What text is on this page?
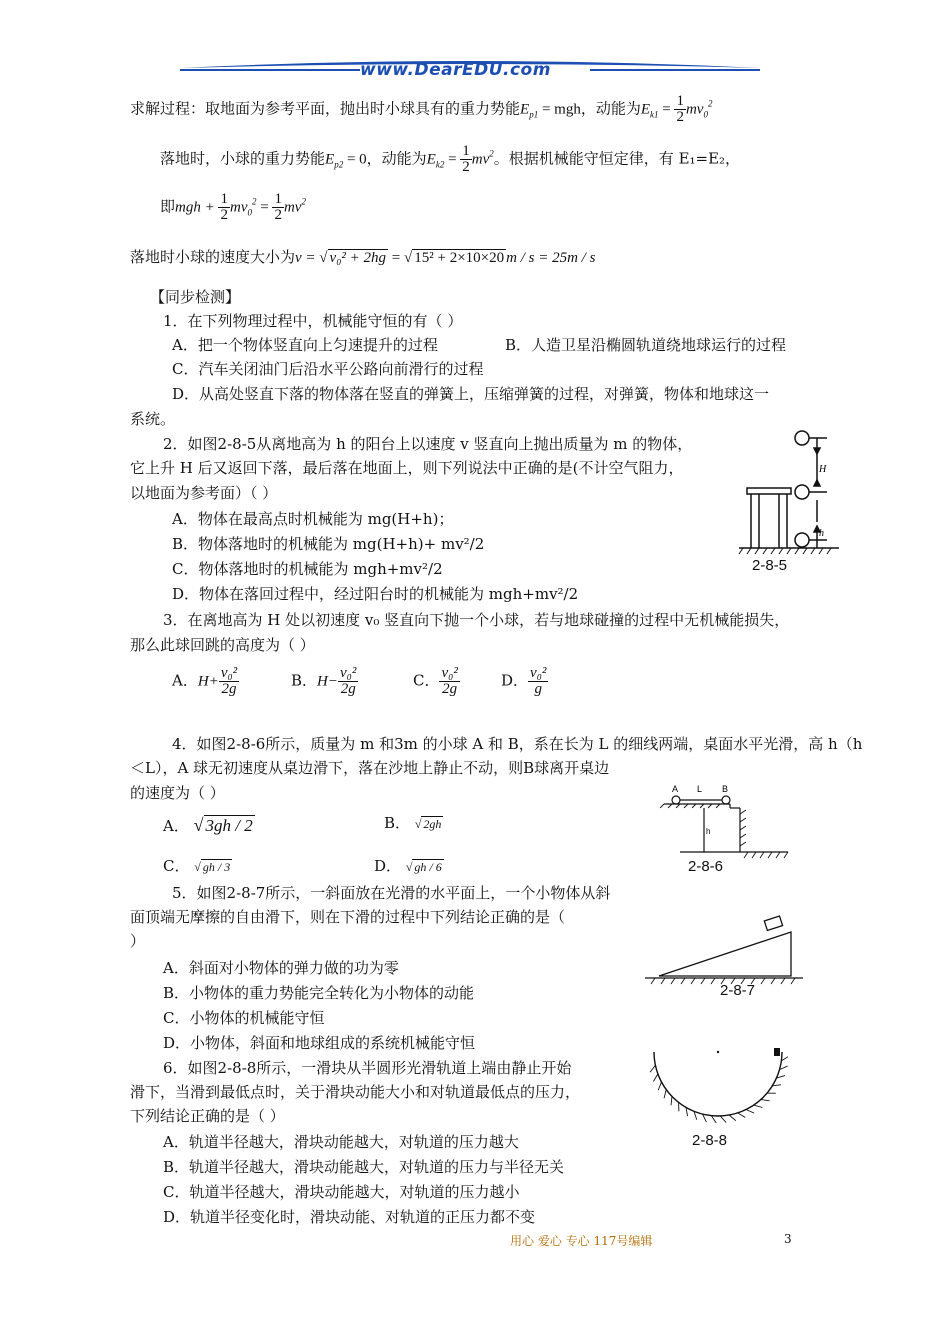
www.DearEDU.com
求解过程：取地面为参考平面，抛出时小球具有的重力势能$E_{p1}$ = mgh，动能为$E_{k1} = \frac{1}{2} mv_0^2$
落地时，小球的重力势能$E_{p2} = 0$，动能为$E_{k2} = \frac{1}{2} mv^2$。根据机械能守恒定律，有 E₁=E₂，
即mgh + $\frac{1}{2} mv_0^2 = \frac{1}{2} mv^2$
落地时小球的速度大小为v = √ v₀² + 2hg = √ 15² + 2×10×20 m / s = 25m / s
【同步检测】
1．在下列物理过程中，机械能守恒的有（ ）
A．把一个物体竖直向上匀速提升的过程	B．人造卫星沿椭圆轨道绕地球运行的过程
C．汽车关闭油门后沿水平公路向前滑行的过程
D．从高处竖直下落的物体落在竖直的弹簧上，压缩弹簧的过程，对弹簧，物体和地球这一
系统。
2．如图2-8-5从离地高为 h 的阳台上以速度 v 竖直向上抛出质量为 m 的物体，
它上升 H 后又返回下落，最后落在地面上，则下列说法中正确的是(不计空气阻力，
以地面为参考面）（ ）
A．物体在最高点时机械能为 mg(H+h)；
B．物体落地时的机械能为 mg(H+h)+ mv²/2
C．物体落地时的机械能为 mgh+mv²/2
D．物体在落回过程中，经过阳台时的机械能为 mgh+mv²/2
H
h
2-8-5
3．在离地高为 H 处以初速度 v₀ 竖直向下抛一个小球，若与地球碰撞的过程中无机械能损失，
那么此球回跳的高度为（ ）
A．$H+ \frac{\text{v₀²}}{2g}$	B．$H- \frac{\text{v₀²}}{2g}$	C． $\frac{\text{v₀²}}{2g}$	D． $\frac{\text{v₀²}}{g}$
4．如图2-8-6所示，质量为 m 和3m 的小球 A 和 B，系在长为 L 的细线两端，桌面水平光滑，高 h（h
＜L），A 球无初速度从桌边滑下，落在沙地上静止不动，则B球离开桌边
的速度为（ ）
A． √ 3gh / 2	B． √ 2gh
C． √ gh / 3	D． √ gh / 6
A L B
h
2-8-6
5．如图2-8-7所示，一斜面放在光滑的水平面上，一个小物体从斜
面顶端无摩擦的自由滑下，则在下滑的过程中下列结论正确的是（
）
A．斜面对小物体的弹力做的功为零
B．小物体的重力势能完全转化为小物体的动能
C．小物体的机械能守恒
D．小物体，斜面和地球组成的系统机械能守恒
2-8-7
6．如图2-8-8所示，一滑块从半圆形光滑轨道上端由静止开始
滑下，当滑到最低点时，关于滑块动能大小和对轨道最低点的压力，
下列结论正确的是（ ）
A．轨道半径越大，滑块动能越大，对轨道的压力越大
B．轨道半径越大，滑块动能越大，对轨道的压力与半径无关
C．轨道半径越大，滑块动能越大，对轨道的压力越小
D．轨道半径变化时，滑块动能、对轨道的正压力都不变
2-8-8
用心 爱心 专心 117号编辑	3
